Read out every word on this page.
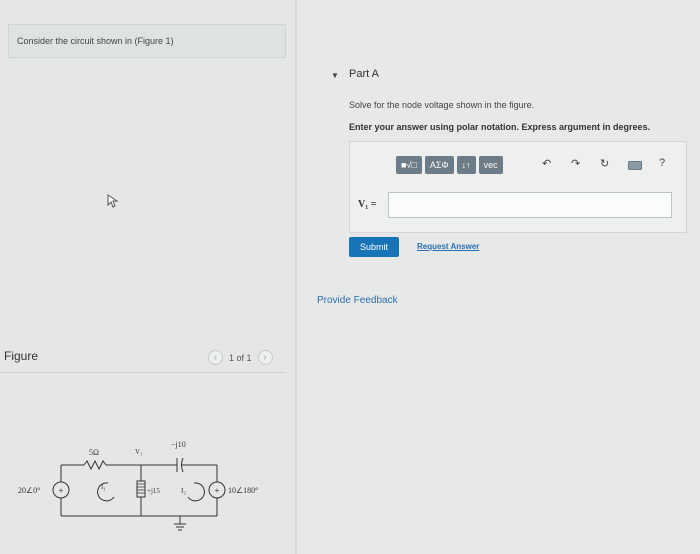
Consider the circuit shown in (Figure 1)
Figure	‹	1 of 1	›
+	+
20∠0°
5Ω	V₁
−j10
+j15
I₁	I₂	10∠180°
▼ Part A
Solve for the node voltage shown in the figure.
Enter your answer using polar notation. Express argument in degrees.
■√□	ΑΣΦ	↓↑	vec	↶ ↷ ↻	?
V₁ =
Submit	Request Answer
Provide Feedback
